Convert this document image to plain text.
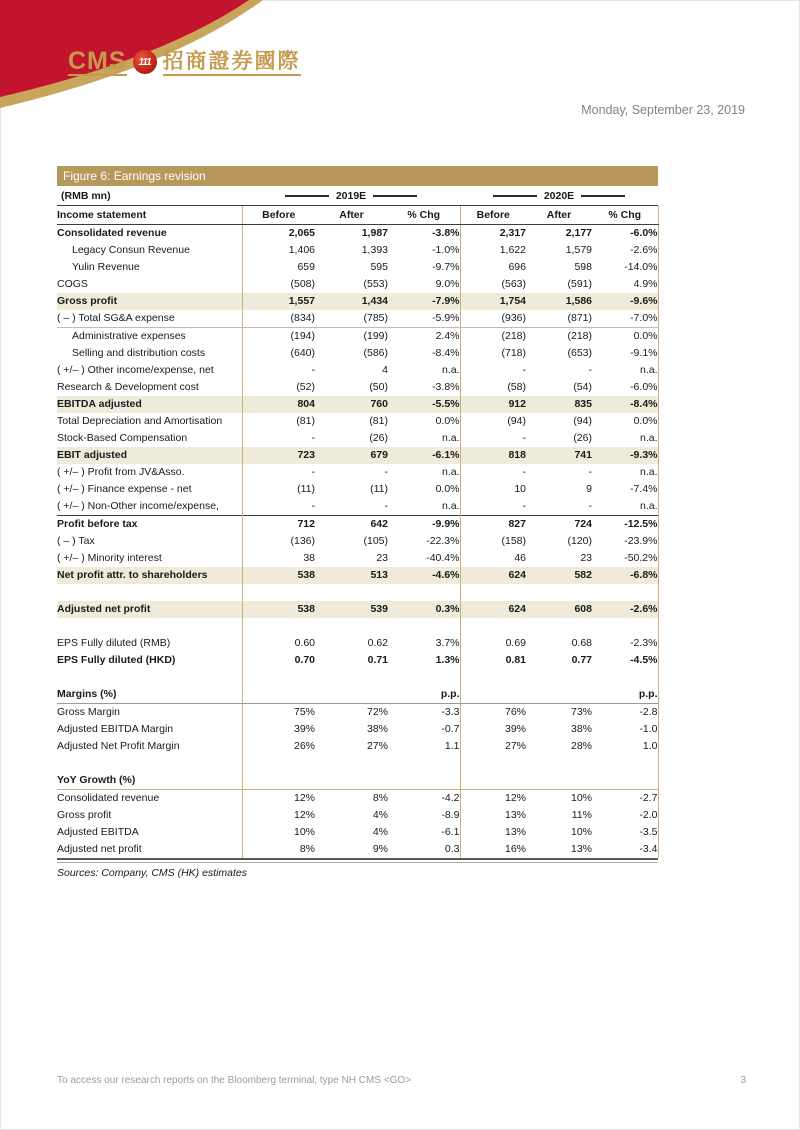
CMS	111 招商證券國際
Monday, September 23, 2019
Figure 6: Earnings revision
(RMB mn)	2019E	2020E
Income statement	Before	After	% Chg	Before	After	% Chg
Consolidated revenue	2,065	1,987	-3.8%	2,317	2,177	-6.0%
Legacy Consun Revenue	1,406	1,393	-1.0%	1,622	1,579	-2.6%
Yulin Revenue	659	595	-9.7%	696	598	-14.0%
COGS	(508)	(553)	9.0%	(563)	(591)	4.9%
Gross profit	1,557	1,434	-7.9%	1,754	1,586	-9.6%
( – ) Total SG&A expense	(834)	(785)	-5.9%	(936)	(871)	-7.0%
Administrative expenses	(194)	(199)	2.4%	(218)	(218)	0.0%
Selling and distribution costs	(640)	(586)	-8.4%	(718)	(653)	-9.1%
( +/– ) Other income/expense, net	-	4	n.a.	-	-	n.a.
Research & Development cost	(52)	(50)	-3.8%	(58)	(54)	-6.0%
EBITDA adjusted	804	760	-5.5%	912	835	-8.4%
Total Depreciation and Amortisation	(81)	(81)	0.0%	(94)	(94)	0.0%
Stock-Based Compensation	-	(26)	n.a.	-	(26)	n.a.
EBIT adjusted	723	679	-6.1%	818	741	-9.3%
( +/– ) Profit from JV&Asso.	-	-	n.a.	-	-	n.a.
( +/– ) Finance expense - net	(11)	(11)	0.0%	10	9	-7.4%
( +/– ) Non-Other income/expense,	-	-	n.a.	-	-	n.a.
Profit before tax	712	642	-9.9%	827	724	-12.5%
( – ) Tax	(136)	(105)	-22.3%	(158)	(120)	-23.9%
( +/– ) Minority interest	38	23	-40.4%	46	23	-50.2%
Net profit attr. to shareholders	538	513	-4.6%	624	582	-6.8%

Adjusted net profit	538	539	0.3%	624	608	-2.6%

EPS Fully diluted (RMB)	0.60	0.62	3.7%	0.69	0.68	-2.3%
EPS Fully diluted (HKD)	0.70	0.71	1.3%	0.81	0.77	-4.5%

Margins (%)			p.p.			p.p.
Gross Margin	75%	72%	-3.3	76%	73%	-2.8
Adjusted EBITDA Margin	39%	38%	-0.7	39%	38%	-1.0
Adjusted Net Profit Margin	26%	27%	1.1	27%	28%	1.0

YoY Growth (%)						
Consolidated revenue	12%	8%	-4.2	12%	10%	-2.7
Gross profit	12%	4%	-8.9	13%	11%	-2.0
Adjusted EBITDA	10%	4%	-6.1	13%	10%	-3.5
Adjusted net profit	8%	9%	0.3	16%	13%	-3.4
Sources: Company, CMS (HK) estimates
To access our research reports on the Bloomberg terminal, type NH CMS <GO>	3
